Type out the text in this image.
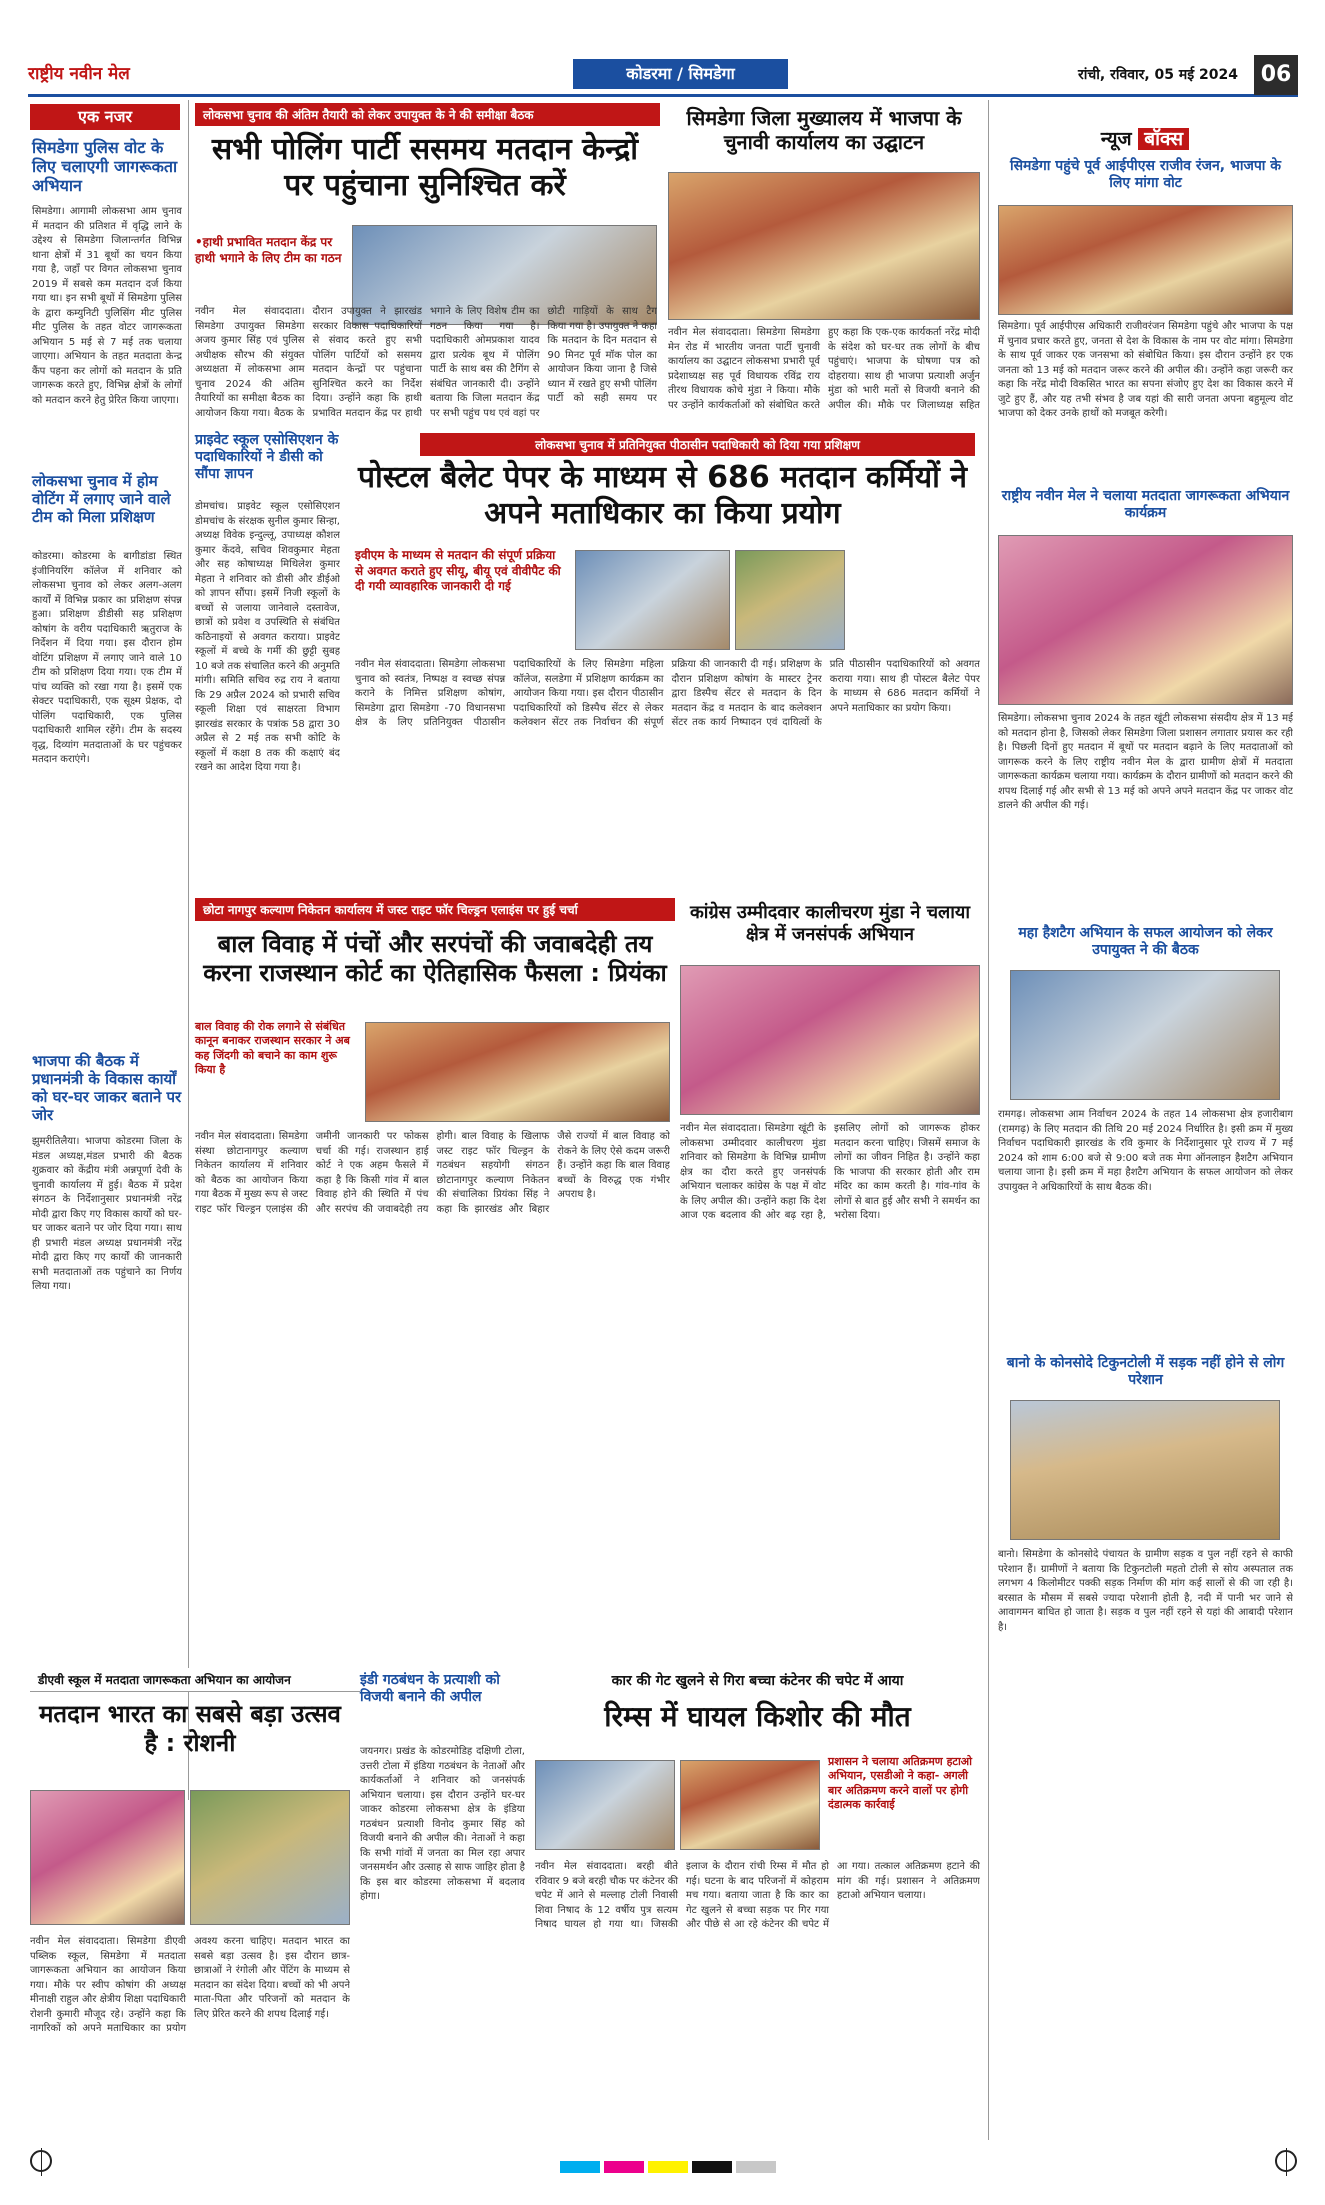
राष्ट्रीय नवीन मेल	कोडरमा / सिमडेगा	रांची, रविवार, 05 मई 2024	06
एक नजर
सिमडेगा पुलिस वोट के लिए चलाएगी जागरूकता अभियान
सिमडेगा। आगामी लोकसभा आम चुनाव में मतदान की प्रतिशत में वृद्धि लाने के उद्देश्य से सिमडेगा जिलान्तर्गत विभिन्न थाना क्षेत्रों में 31 बूथों का चयन किया गया है, जहाँ पर विगत लोकसभा चुनाव 2019 में सबसे कम मतदान दर्ज किया गया था। इन सभी बूथों में सिमडेगा पुलिस के द्वारा कम्युनिटी पुलिसिंग मीट पुलिस मीट पुलिस के तहत वोटर जागरूकता अभियान 5 मई से 7 मई तक चलाया जाएगा। अभियान के तहत मतदाता केन्द्र कैंप पहना कर लोगों को मतदान के प्रति जागरूक करते हुए, विभिन्न क्षेत्रों के लोगों को मतदान करने हेतु प्रेरित किया जाएगा।
लोकसभा चुनाव में होम वोटिंग में लगाए जाने वाले टीम को मिला प्रशिक्षण
कोडरमा। कोडरमा के बागीडांडा स्थित इंजीनियरिंग कॉलेज में शनिवार को लोकसभा चुनाव को लेकर अलग-अलग कार्यों में विभिन्न प्रकार का प्रशिक्षण संपन्न हुआ। प्रशिक्षण डीडीसी सह प्रशिक्षण कोषांग के वरीय पदाधिकारी ऋतुराज के निर्देशन में दिया गया। इस दौरान होम वोटिंग प्रशिक्षण में लगाए जाने वाले 10 टीम को प्रशिक्षण दिया गया। एक टीम में पांच व्यक्ति को रखा गया है। इसमें एक सेक्टर पदाधिकारी, एक सूक्ष्म प्रेक्षक, दो पोलिंग पदाधिकारी, एक पुलिस पदाधिकारी शामिल रहेंगे। टीम के सदस्य वृद्ध, दिव्यांग मतदाताओं के घर पहुंचकर मतदान कराएंगे।
भाजपा की बैठक में प्रधानमंत्री के विकास कार्यों को घर-घर जाकर बताने पर जोर
झुमरीतिलैया। भाजपा कोडरमा जिला के मंडल अध्यक्ष,मंडल प्रभारी की बैठक शुक्रवार को केंद्रीय मंत्री अन्नपूर्णा देवी के चुनावी कार्यालय में हुई। बैठक में प्रदेश संगठन के निर्देशानुसार प्रधानमंत्री नरेंद्र मोदी द्वारा किए गए विकास कार्यों को घर-घर जाकर बताने पर जोर दिया गया। साथ ही प्रभारी मंडल अध्यक्ष प्रधानमंत्री नरेंद्र मोदी द्वारा किए गए कार्यों की जानकारी सभी मतदाताओं तक पहुंचाने का निर्णय लिया गया।
लोकसभा चुनाव की अंतिम तैयारी को लेकर उपायुक्त के ने की समीक्षा बैठक
सभी पोलिंग पार्टी ससमय मतदान केन्द्रों पर पहुंचाना सुनिश्चित करें
•हाथी प्रभावित मतदान केंद्र पर हाथी भगाने के लिए टीम का गठन
नवीन मेल संवाददाता। सिमडेगा उपायुक्त सिमडेगा अजय कुमार सिंह एवं पुलिस अधीक्षक सौरभ की संयुक्त अध्यक्षता में लोकसभा आम चुनाव 2024 की अंतिम तैयारियों का समीक्षा बैठक का आयोजन किया गया। बैठक के दौरान उपायुक्त ने झारखंड सरकार विकास पदाधिकारियों से संवाद करते हुए सभी पोलिंग पार्टियों को ससमय मतदान केन्द्रों पर पहुंचाना सुनिश्चित करने का निर्देश दिया। उन्होंने कहा कि हाथी प्रभावित मतदान केंद्र पर हाथी भगाने के लिए विशेष टीम का गठन किया गया है। पदाधिकारी ओमप्रकाश यादव द्वारा प्रत्येक बूथ में पोलिंग पार्टी के साथ बस की टैगिंग से संबंधित जानकारी दी। उन्होंने बताया कि जिला मतदान केंद्र पर सभी पहुंच पथ एवं वहां पर छोटी गाड़ियों के साथ टैग किया गया है। उपायुक्त ने कहा कि मतदान के दिन मतदान से 90 मिनट पूर्व मॉक पोल का आयोजन किया जाना है जिसे ध्यान में रखते हुए सभी पोलिंग पार्टी को सही समय पर
सिमडेगा जिला मुख्यालय में भाजपा के चुनावी कार्यालय का उद्घाटन
नवीन मेल संवाददाता। सिमडेगा सिमडेगा मेन रोड में भारतीय जनता पार्टी चुनावी कार्यालय का उद्घाटन लोकसभा प्रभारी पूर्व प्रदेशाध्यक्ष सह पूर्व विधायक रविंद्र राय तीरथ विधायक कोचे मुंडा ने किया। मौके पर उन्होंने कार्यकर्ताओं को संबोधित करते हुए कहा कि एक-एक कार्यकर्ता नरेंद्र मोदी के संदेश को घर-घर तक लोगों के बीच पहुंचाएं। भाजपा के घोषणा पत्र को दोहराया। साथ ही भाजपा प्रत्याशी अर्जुन मुंडा को भारी मतों से विजयी बनाने की अपील की। मौके पर जिलाध्यक्ष सहित
लोकसभा चुनाव में प्रतिनियुक्त पीठासीन पदाधिकारी को दिया गया प्रशिक्षण
पोस्टल बैलेट पेपर के माध्यम से 686 मतदान कर्मियों ने अपने मताधिकार का किया प्रयोग
इवीएम के माध्यम से मतदान की संपूर्ण प्रक्रिया से अवगत कराते हुए सीयू, बीयू एवं वीवीपैट की दी गयी व्यावहारिक जानकारी दी गई
नवीन मेल संवाददाता। सिमडेगा लोकसभा चुनाव को स्वतंत्र, निष्पक्ष व स्वच्छ संपन्न कराने के निमित्त प्रशिक्षण कोषांग, सिमडेगा द्वारा सिमडेगा -70 विधानसभा क्षेत्र के लिए प्रतिनियुक्त पीठासीन पदाधिकारियों के लिए सिमडेगा महिला कॉलेज, सलडेगा में प्रशिक्षण कार्यक्रम का आयोजन किया गया। इस दौरान पीठासीन पदाधिकारियों को डिस्पैच सेंटर से लेकर कलेक्शन सेंटर तक निर्वाचन की संपूर्ण प्रक्रिया की जानकारी दी गई। प्रशिक्षण के दौरान प्रशिक्षण कोषांग के मास्टर ट्रेनर द्वारा डिस्पैच सेंटर से मतदान के दिन मतदान केंद्र व मतदान के बाद कलेक्शन सेंटर तक कार्य निष्पादन एवं दायित्वों के प्रति पीठासीन पदाधिकारियों को अवगत कराया गया। साथ ही पोस्टल बैलेट पेपर के माध्यम से 686 मतदान कर्मियों ने अपने मताधिकार का प्रयोग किया।
प्राइवेट स्कूल एसोसिएशन के पदाधिकारियों ने डीसी को सौंपा ज्ञापन
डोमचांच। प्राइवेट स्कूल एसोसिएशन डोमचांच के संरक्षक सुनील कुमार सिन्हा, अध्यक्ष विवेक इन्दुल्लू, उपाध्यक्ष कौशल कुमार केंदवे, सचिव शिवकुमार मेहता और सह कोषाध्यक्ष मिथिलेश कुमार मेहता ने शनिवार को डीसी और डीईओ को ज्ञापन सौंपा। इसमें निजी स्कूलों के बच्चों से जलाया जानेवाले दस्तावेज, छात्रों को प्रवेश व उपस्थिति से संबंधित कठिनाइयों से अवगत कराया। प्राइवेट स्कूलों में बच्चे के गर्मी की छुट्टी सुबह 10 बजे तक संचालित करने की अनुमति मांगी। समिति सचिव रुद्र राय ने बताया कि 29 अप्रैल 2024 को प्रभारी सचिव स्कूली शिक्षा एवं साक्षरता विभाग झारखंड सरकार के पत्रांक 58 द्वारा 30 अप्रैल से 2 मई तक सभी कोटि के स्कूलों में कक्षा 8 तक की कक्षाएं बंद रखने का आदेश दिया गया है।
छोटा नागपुर कल्याण निकेतन कार्यालय में जस्ट राइट फॉर चिल्ड्रन एलाइंस पर हुई चर्चा
बाल विवाह में पंचों और सरपंचों की जवाबदेही तय करना राजस्थान कोर्ट का ऐतिहासिक फैसला : प्रियंका
बाल विवाह की रोक लगाने से संबंधित कानून बनाकर राजस्थान सरकार ने अब कह जिंदगी को बचाने का काम शुरू किया है
नवीन मेल संवाददाता। सिमडेगा संस्था छोटानागपुर कल्याण निकेतन कार्यालय में शनिवार को बैठक का आयोजन किया गया बैठक में मुख्य रूप से जस्ट राइट फॉर चिल्ड्रन एलाइंस की जमीनी जानकारी पर फोकस चर्चा की गई। राजस्थान हाई कोर्ट ने एक अहम फैसले में कहा है कि किसी गांव में बाल विवाह होने की स्थिति में पंच और सरपंच की जवाबदेही तय होगी। बाल विवाह के खिलाफ जस्ट राइट फॉर चिल्ड्रन के गठबंधन सहयोगी संगठन छोटानागपुर कल्याण निकेतन की संचालिका प्रियंका सिंह ने कहा कि झारखंड और बिहार जैसे राज्यों में बाल विवाह को रोकने के लिए ऐसे कदम जरूरी हैं। उन्होंने कहा कि बाल विवाह बच्चों के विरुद्ध एक गंभीर अपराध है।
कांग्रेस उम्मीदवार कालीचरण मुंडा ने चलाया क्षेत्र में जनसंपर्क अभियान
नवीन मेल संवाददाता। सिमडेगा खूंटी के लोकसभा उम्मीदवार कालीचरण मुंडा शनिवार को सिमडेगा के विभिन्न ग्रामीण क्षेत्र का दौरा करते हुए जनसंपर्क अभियान चलाकर कांग्रेस के पक्ष में वोट के लिए अपील की। उन्होंने कहा कि देश आज एक बदलाव की ओर बढ़ रहा है, इसलिए लोगों को जागरूक होकर मतदान करना चाहिए। जिसमें समाज के लोगों का जीवन निहित है। उन्होंने कहा कि भाजपा की सरकार होती और राम मंदिर का काम करती है। गांव-गांव के लोगों से बात हुई और सभी ने समर्थन का भरोसा दिया।
न्यूज बॉक्स
सिमडेगा पहुंचे पूर्व आईपीएस राजीव रंजन, भाजपा के लिए मांगा वोट
सिमडेगा। पूर्व आईपीएस अधिकारी राजीवरंजन सिमडेगा पहुंचे और भाजपा के पक्ष में चुनाव प्रचार करते हुए, जनता से देश के विकास के नाम पर वोट मांगा। सिमडेगा के साथ पूर्व जाकर एक जनसभा को संबोधित किया। इस दौरान उन्होंने हर एक जनता को 13 मई को मतदान जरूर करने की अपील की। उन्होंने कहा जरूरी कर कहा कि नरेंद्र मोदी विकसित भारत का सपना संजोए हुए देश का विकास करने में जुटे हुए हैं, और यह तभी संभव है जब यहां की सारी जनता अपना बहुमूल्य वोट भाजपा को देकर उनके हाथों को मजबूत करेगी।
राष्ट्रीय नवीन मेल ने चलाया मतदाता जागरूकता अभियान कार्यक्रम
सिमडेगा। लोकसभा चुनाव 2024 के तहत खूंटी लोकसभा संसदीय क्षेत्र में 13 मई को मतदान होना है, जिसको लेकर सिमडेगा जिला प्रशासन लगातार प्रयास कर रही है। पिछली दिनों हुए मतदान में बूथों पर मतदान बढ़ाने के लिए मतदाताओं को जागरूक करने के लिए राष्ट्रीय नवीन मेल के द्वारा ग्रामीण क्षेत्रों में मतदाता जागरूकता कार्यक्रम चलाया गया। कार्यक्रम के दौरान ग्रामीणों को मतदान करने की शपथ दिलाई गई और सभी से 13 मई को अपने अपने मतदान केंद्र पर जाकर वोट डालने की अपील की गई।
महा हैशटैग अभियान के सफल आयोजन को लेकर उपायुक्त ने की बैठक
रामगढ़। लोकसभा आम निर्वाचन 2024 के तहत 14 लोकसभा क्षेत्र हजारीबाग (रामगढ़) के लिए मतदान की तिथि 20 मई 2024 निर्धारित है। इसी क्रम में मुख्य निर्वाचन पदाधिकारी झारखंड के रवि कुमार के निर्देशानुसार पूरे राज्य में 7 मई 2024 को शाम 6:00 बजे से 9:00 बजे तक मेगा ऑनलाइन हैशटैग अभियान चलाया जाना है। इसी क्रम में महा हैशटैग अभियान के सफल आयोजन को लेकर उपायुक्त ने अधिकारियों के साथ बैठक की।
बानो के कोनसोदे टिकुनटोली में सड़क नहीं होने से लोग परेशान
बानो। सिमडेगा के कोनसोदे पंचायत के ग्रामीण सड़क व पुल नहीं रहने से काफी परेशान हैं। ग्रामीणों ने बताया कि टिकुनटोली महतो टोली से सोय अस्पताल तक लगभग 4 किलोमीटर पक्की सड़क निर्माण की मांग कई सालों से की जा रही है। बरसात के मौसम में सबसे ज्यादा परेशानी होती है, नदी में पानी भर जाने से आवागमन बाधित हो जाता है। सड़क व पुल नहीं रहने से यहां की आबादी परेशान है।
डीएवी स्कूल में मतदाता जागरूकता अभियान का आयोजन
मतदान भारत का सबसे बड़ा उत्सव है : रोशनी
नवीन मेल संवाददाता। सिमडेगा डीएवी पब्लिक स्कूल, सिमडेगा में मतदाता जागरूकता अभियान का आयोजन किया गया। मौके पर स्वीप कोषांग की अध्यक्ष मीनाक्षी राहुल और क्षेत्रीय शिक्षा पदाधिकारी रोशनी कुमारी मौजूद रहे। उन्होंने कहा कि नागरिकों को अपने मताधिकार का प्रयोग अवश्य करना चाहिए। मतदान भारत का सबसे बड़ा उत्सव है। इस दौरान छात्र-छात्राओं ने रंगोली और पेंटिंग के माध्यम से मतदान का संदेश दिया। बच्चों को भी अपने माता-पिता और परिजनों को मतदान के लिए प्रेरित करने की शपथ दिलाई गई।
इंडी गठबंधन के प्रत्याशी को विजयी बनाने की अपील
जयनगर। प्रखंड के कोडरमोडिह दक्षिणी टोला, उत्तरी टोला में इंडिया गठबंधन के नेताओं और कार्यकर्ताओं ने शनिवार को जनसंपर्क अभियान चलाया। इस दौरान उन्होंने घर-घर जाकर कोडरमा लोकसभा क्षेत्र के इंडिया गठबंधन प्रत्याशी विनोद कुमार सिंह को विजयी बनाने की अपील की। नेताओं ने कहा कि सभी गांवों में जनता का मिल रहा अपार जनसमर्थन और उत्साह से साफ जाहिर होता है कि इस बार कोडरमा लोकसभा में बदलाव होगा।
कार की गेट खुलने से गिरा बच्चा कंटेनर की चपेट में आया
रिम्स में घायल किशोर की मौत
प्रशासन ने चलाया अतिक्रमण हटाओ अभियान, एसडीओ ने कहा- अगली बार अतिक्रमण करने वालों पर होगी दंडात्मक कार्रवाई
नवीन मेल संवाददाता। बरही बीते रविवार 9 बजे बरही चौक पर कंटेनर की चपेट में आने से मल्लाह टोली निवासी शिवा निषाद के 12 वर्षीय पुत्र सत्यम निषाद घायल हो गया था। जिसकी इलाज के दौरान रांची रिम्स में मौत हो गई। घटना के बाद परिजनों में कोहराम मच गया। बताया जाता है कि कार का गेट खुलने से बच्चा सड़क पर गिर गया और पीछे से आ रहे कंटेनर की चपेट में आ गया। तत्काल अतिक्रमण हटाने की मांग की गई। प्रशासन ने अतिक्रमण हटाओ अभियान चलाया।
